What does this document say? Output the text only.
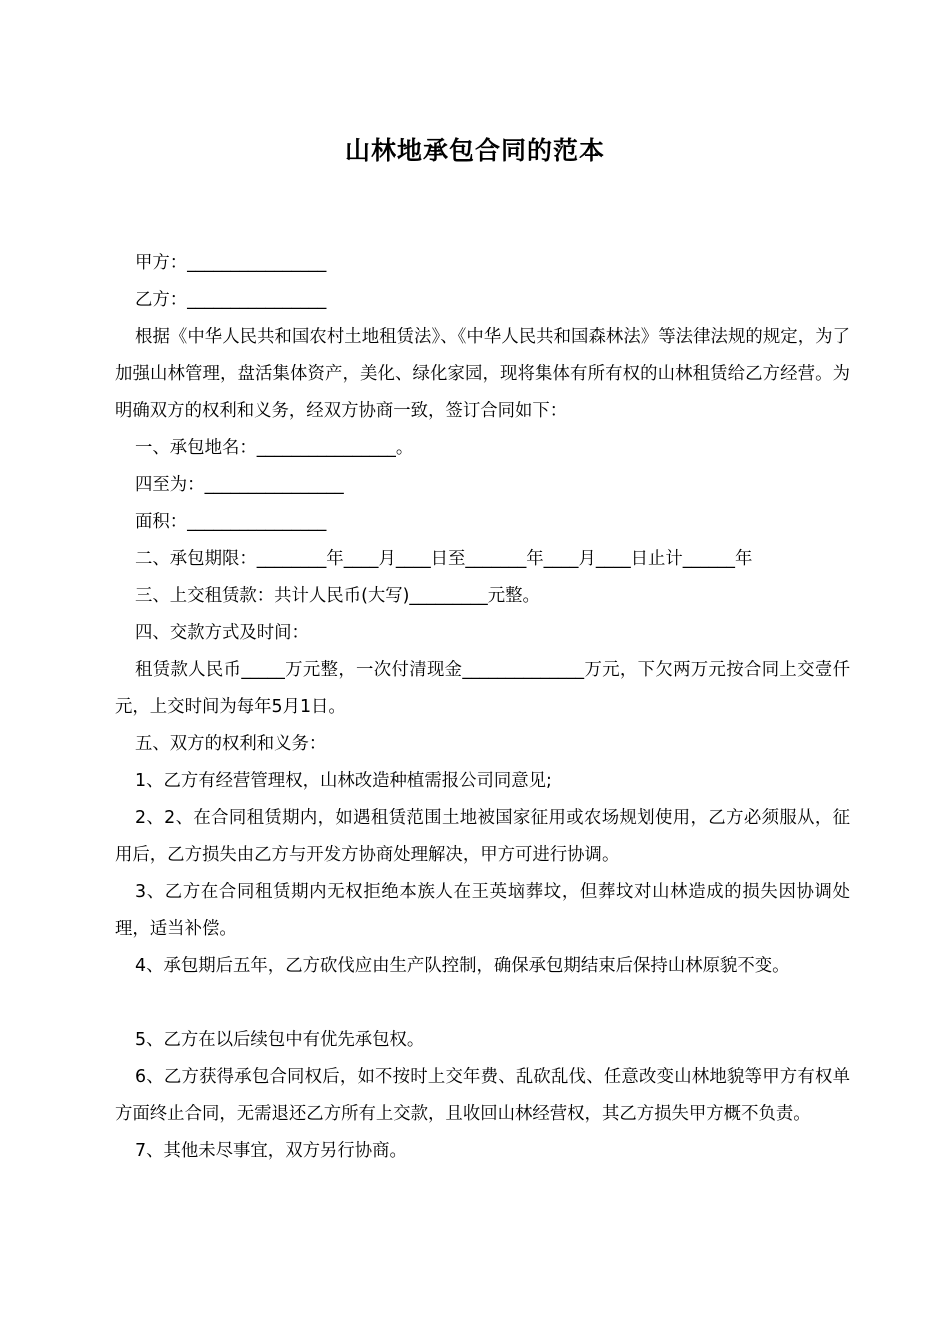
山林地承包合同的范本

甲方：________________

乙方：________________

根据《中华人民共和国农村土地租赁法》、《中华人民共和国森林法》等法律法规的规定，为了加强山林管理，盘活集体资产，美化、绿化家园，现将集体有所有权的山林租赁给乙方经营。为明确双方的权利和义务，经双方协商一致，签订合同如下：

一、承包地名：________________。

四至为：________________

面积：________________

二、承包期限：________年____月____日至_______年____月____日止计______年

三、上交租赁款：共计人民币(大写)_________元整。

四、交款方式及时间：

租赁款人民币_____万元整，一次付清现金______________万元，下欠两万元按合同上交壹仟元，上交时间为每年5月1日。

五、双方的权利和义务：

1、乙方有经营管理权，山林改造种植需报公司同意见;

2、2、在合同租赁期内，如遇租赁范围土地被国家征用或农场规划使用，乙方必须服从，征用后，乙方损失由乙方与开发方协商处理解决，甲方可进行协调。

3、乙方在合同租赁期内无权拒绝本族人在王英垴葬坟，但葬坟对山林造成的损失因协调处理，适当补偿。

4、承包期后五年，乙方砍伐应由生产队控制，确保承包期结束后保持山林原貌不变。

5、乙方在以后续包中有优先承包权。

6、乙方获得承包合同权后，如不按时上交年费、乱砍乱伐、任意改变山林地貌等甲方有权单方面终止合同，无需退还乙方所有上交款，且收回山林经营权，其乙方损失甲方概不负责。

7、其他未尽事宜，双方另行协商。
